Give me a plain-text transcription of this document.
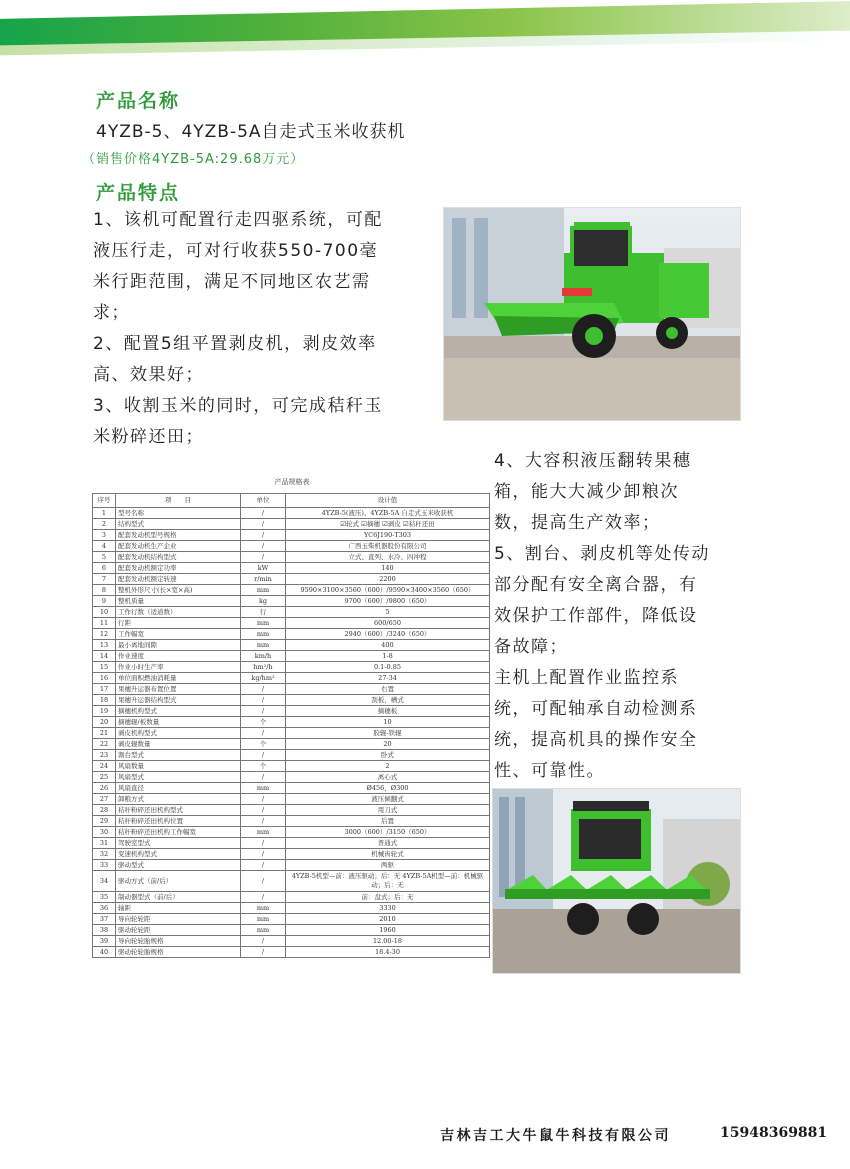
产品名称
4YZB-5、4YZB-5A自走式玉米收获机
（销售价格4YZB-5A:29.68万元）
产品特点
1、该机可配置行走四驱系统，可配
液压行走，可对行收获550-700毫
米行距范围，满足不同地区农艺需
求；
2、配置5组平置剥皮机，剥皮效率
高、效果好；
3、收割玉米的同时，可完成秸秆玉
米粉碎还田；
4、大容积液压翻转果穗
箱，能大大减少卸粮次
数，提高生产效率；
5、割台、剥皮机等处传动
部分配有安全离合器，有
效保护工作部件，降低设
备故障；
主机上配置作业监控系
统，可配轴承自动检测系
统，提高机具的操作安全
性、可靠性。
产品规格表
序号	项　　目	单位	设计值
1	型号名称	/	4YZB-5(液压)、4YZB-5A 自走式玉米收获机
2	结构型式	/	☑轮式 ☑摘穗 ☑剥皮 ☑秸秆还田
3	配套发动机型号规格	/	YC6J190-T303
4	配套发动机生产企业	/	广西玉柴机器股份有限公司
5	配套发动机结构型式	/	立式、直列、水冷、四冲程
6	配套发动机额定功率	kW	140
7	配套发动机额定转速	r/min	2200
8	整机外形尺寸(长×宽×高)	mm	9590×3100×3560（600）/9590×3400×3560（650）
9	整机质量	kg	9700（600）/9800（650）
10	工作行数（适道数）	行	5
11	行距	mm	600/650
12	工作幅宽	mm	2940（600）/3240（650）
13	最小离地间隙	mm	400
14	作业速度	km/h	1-8
15	作业小时生产率	hm²/h	0.1-0.85
16	单位面积燃油消耗量	kg/hm²	27-34
17	果穗升运器布置位置	/	右置
18	果穗升运器结构型式	/	刮板、槽式
19	摘穗机构型式	/	摘穗板
20	摘穗辊/板数量	个	10
21	剥皮机构型式	/	胶辊-铁辊
22	剥皮辊数量	个	20
23	割台型式	/	卧式
24	风扇数量	个	2
25	风扇型式	/	离心式
26	风扇直径	mm	Ø456，Ø300
27	卸粮方式	/	液压倾翻式
28	秸秆粉碎还田机构型式	/	甩刀式
29	秸秆粉碎还田机构位置	/	后置
30	秸秆粉碎还田机构工作幅宽	mm	3000（600）/3150（650）
31	驾驶室型式	/	普通式
32	变速机构型式	/	机械齿轮式
33	驱动型式	/	两驱
34	驱动方式（前/后）	/	4YZB-5机型—前：液压驱动；后：无 4YZB-5A机型—前：机械驱动；后：无
35	制动器型式（前/后）	/	前：盘式；后：无
36	轴距	mm	3330
37	导向轮轮距	mm	2010
38	驱动轮轮距	mm	1960
39	导向轮轮胎规格	/	12.00-18
40	驱动轮轮胎规格	/	18.4-30
吉林吉工大牛鼠牛科技有限公司	15948369881
